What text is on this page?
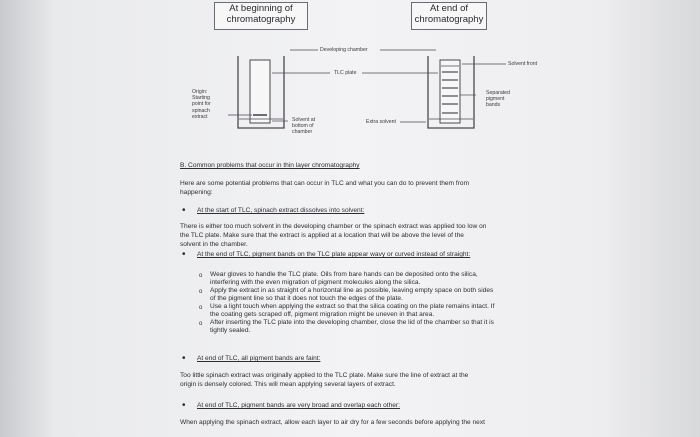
At beginning of
chromatography
At end of
chromatography
Developing chamber
TLC plate
Solvent front
Origin:
Starting
point for
spinach
extract
Solvent at
bottom of
chamber
Extra solvent
Separated
pigment
bands
B. Common problems that occur in thin layer chromatography
Here are some potential problems that can occur in TLC and what you can do to prevent them from
happening:
• At the start of TLC, spinach extract dissolves into solvent:
There is either too much solvent in the developing chamber or the spinach extract was applied too low on
the TLC plate. Make sure that the extract is applied at a location that will be above the level of the
solvent in the chamber.
• At the end of TLC, pigment bands on the TLC plate appear wavy or curved instead of straight:
o Wear gloves to handle the TLC plate. Oils from bare hands can be deposited onto the silica,
interfering with the even migration of pigment molecules along the silica.
o Apply the extract in as straight of a horizontal line as possible, leaving empty space on both sides
of the pigment line so that it does not touch the edges of the plate.
o Use a light touch when applying the extract so that the silica coating on the plate remains intact. If
the coating gets scraped off, pigment migration might be uneven in that area.
o After inserting the TLC plate into the developing chamber, close the lid of the chamber so that it is
tightly sealed.
• At end of TLC, all pigment bands are faint:
Too little spinach extract was originally applied to the TLC plate. Make sure the line of extract at the
origin is densely colored. This will mean applying several layers of extract.
• At end of TLC, pigment bands are very broad and overlap each other:
When applying the spinach extract, allow each layer to air dry for a few seconds before applying the next
